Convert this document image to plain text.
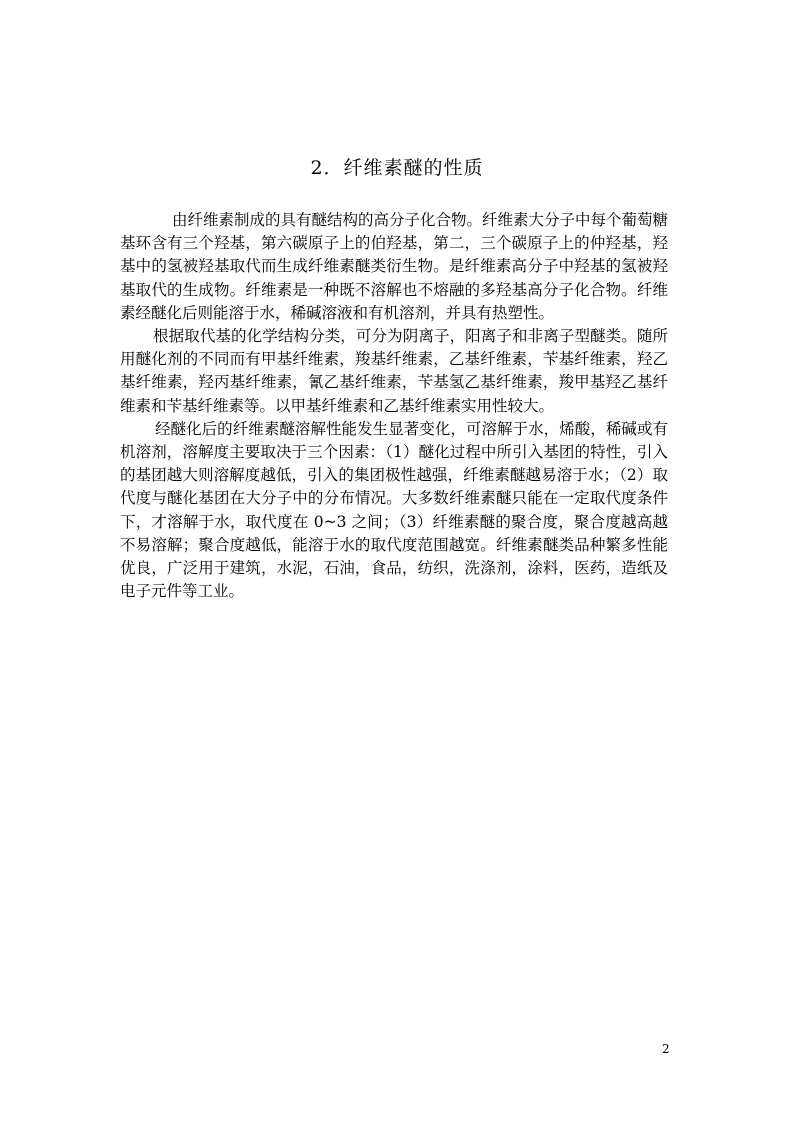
2．纤维素醚的性质

由纤维素制成的具有醚结构的高分子化合物。纤维素大分子中每个葡萄糖基环含有三个羟基，第六碳原子上的伯羟基，第二，三个碳原子上的仲羟基，羟基中的氢被羟基取代而生成纤维素醚类衍生物。是纤维素高分子中羟基的氢被羟基取代的生成物。纤维素是一种既不溶解也不熔融的多羟基高分子化合物。纤维素经醚化后则能溶于水，稀碱溶液和有机溶剂，并具有热塑性。

根据取代基的化学结构分类，可分为阴离子，阳离子和非离子型醚类。随所用醚化剂的不同而有甲基纤维素，羧基纤维素，乙基纤维素，苄基纤维素，羟乙基纤维素，羟丙基纤维素，氰乙基纤维素，苄基氢乙基纤维素，羧甲基羟乙基纤维素和苄基纤维素等。以甲基纤维素和乙基纤维素实用性较大。

经醚化后的纤维素醚溶解性能发生显著变化，可溶解于水，烯酸，稀碱或有机溶剂，溶解度主要取决于三个因素：（1）醚化过程中所引入基团的特性，引入的基团越大则溶解度越低，引入的集团极性越强，纤维素醚越易溶于水；（2）取代度与醚化基团在大分子中的分布情况。大多数纤维素醚只能在一定取代度条件下，才溶解于水，取代度在 0~3 之间；（3）纤维素醚的聚合度，聚合度越高越不易溶解；聚合度越低，能溶于水的取代度范围越宽。纤维素醚类品种繁多性能优良，广泛用于建筑，水泥，石油，食品，纺织，洗涤剂，涂料，医药，造纸及电子元件等工业。

2
